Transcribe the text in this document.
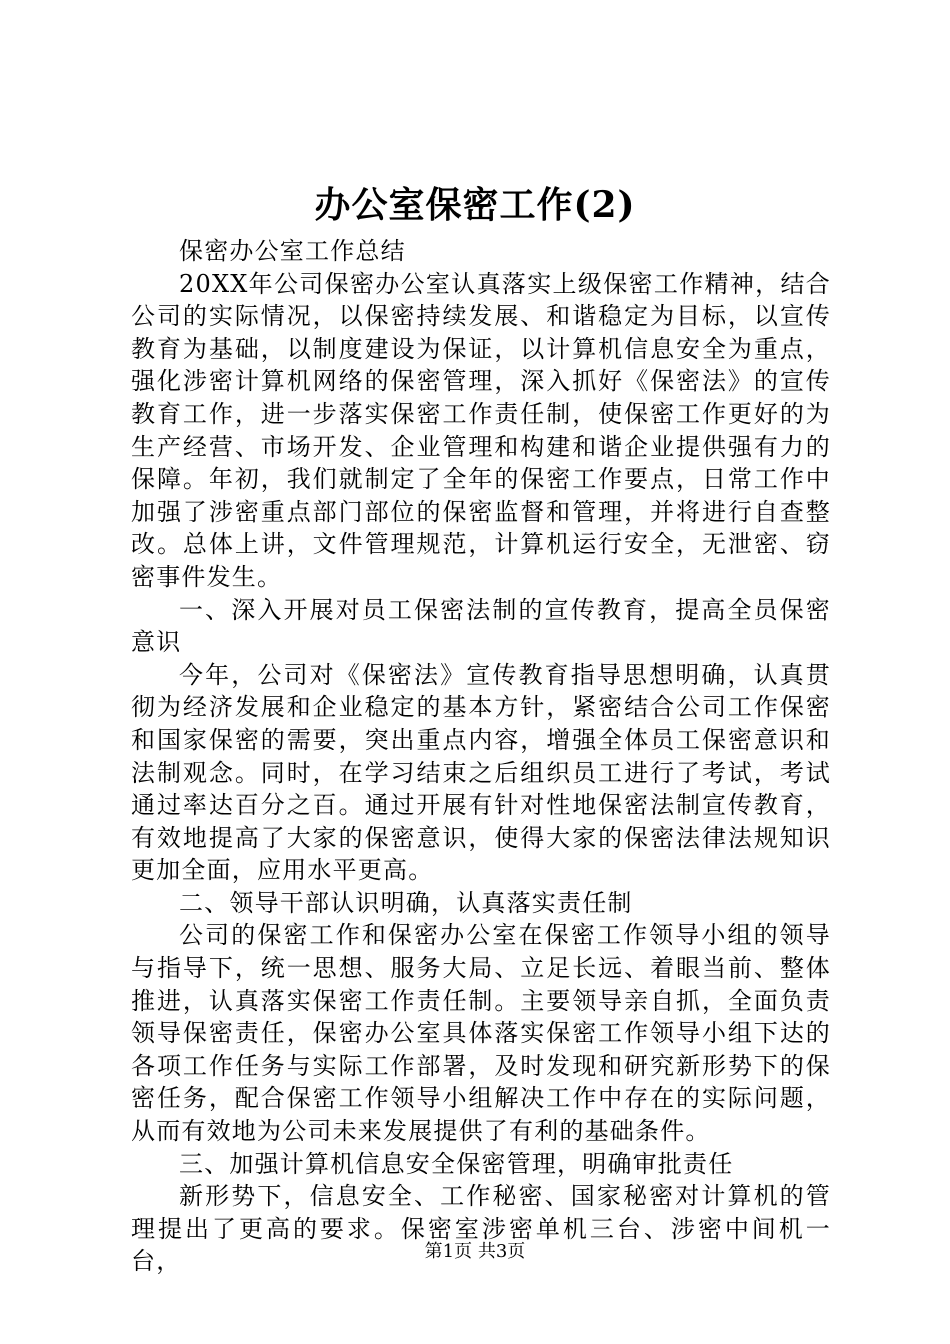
办公室保密工作(2)

保密办公室工作总结

20XX年公司保密办公室认真落实上级保密工作精神，结合公司的实际情况，以保密持续发展、和谐稳定为目标，以宣传教育为基础，以制度建设为保证，以计算机信息安全为重点，强化涉密计算机网络的保密管理，深入抓好《保密法》的宣传教育工作，进一步落实保密工作责任制，使保密工作更好的为生产经营、市场开发、企业管理和构建和谐企业提供强有力的保障。年初，我们就制定了全年的保密工作要点，日常工作中加强了涉密重点部门部位的保密监督和管理，并将进行自查整改。总体上讲，文件管理规范，计算机运行安全，无泄密、窃密事件发生。

一、深入开展对员工保密法制的宣传教育，提高全员保密意识

今年，公司对《保密法》宣传教育指导思想明确，认真贯彻为经济发展和企业稳定的基本方针，紧密结合公司工作保密和国家保密的需要，突出重点内容，增强全体员工保密意识和法制观念。同时，在学习结束之后组织员工进行了考试，考试通过率达百分之百。通过开展有针对性地保密法制宣传教育，有效地提高了大家的保密意识，使得大家的保密法律法规知识更加全面，应用水平更高。

二、领导干部认识明确，认真落实责任制

公司的保密工作和保密办公室在保密工作领导小组的领导与指导下，统一思想、服务大局、立足长远、着眼当前、整体推进，认真落实保密工作责任制。主要领导亲自抓，全面负责领导保密责任，保密办公室具体落实保密工作领导小组下达的各项工作任务与实际工作部署，及时发现和研究新形势下的保密任务，配合保密工作领导小组解决工作中存在的实际问题，从而有效地为公司未来发展提供了有利的基础条件。

三、加强计算机信息安全保密管理，明确审批责任

新形势下，信息安全、工作秘密、国家秘密对计算机的管理提出了更高的要求。保密室涉密单机三台、涉密中间机一台，	第1页 共3页
